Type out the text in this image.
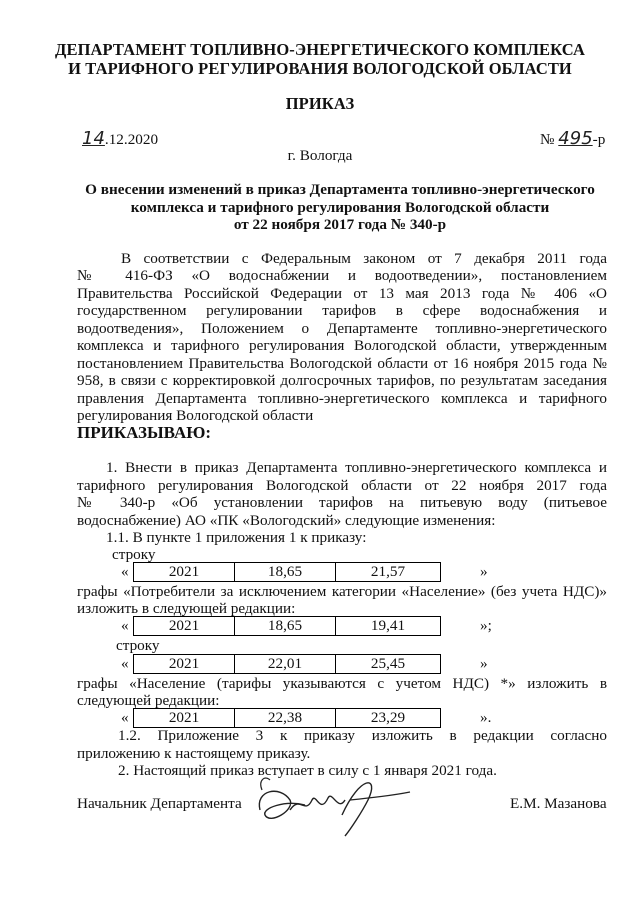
ДЕПАРТАМЕНТ ТОПЛИВНО-ЭНЕРГЕТИЧЕСКОГО КОМПЛЕКСА
И ТАРИФНОГО РЕГУЛИРОВАНИЯ ВОЛОГОДСКОЙ ОБЛАСТИ
ПРИКАЗ
14.12.2020	№ 495-р
г. Вологда
О внесении изменений в приказ Департамента топливно-энергетического
комплекса и тарифного регулирования Вологодской области
от 22 ноября 2017 года № 340-р
В соответствии с Федеральным законом от 7 декабря 2011 года
№ 416-ФЗ «О водоснабжении и водоотведении», постановлением
Правительства Российской Федерации от 13 мая 2013 года № 406 «О
государственном регулировании тарифов в сфере водоснабжения и
водоотведения», Положением о Департаменте топливно-энергетического
комплекса и тарифного регулирования Вологодской области, утвержденным
постановлением Правительства Вологодской области от 16 ноября 2015 года №
958, в связи с корректировкой долгосрочных тарифов, по результатам заседания
правления Департамента топливно-энергетического комплекса и тарифного
регулирования Вологодской области
ПРИКАЗЫВАЮ:
1. Внести в приказ Департамента топливно-энергетического комплекса и
тарифного регулирования Вологодской области от 22 ноября 2017 года
№ 340-р «Об установлении тарифов на питьевую воду (питьевое
водоснабжение) АО «ПК «Вологодский» следующие изменения:
1.1. В пункте 1 приложения 1 к приказу:
строку
«	2021	18,65	21,57	»
графы «Потребители за исключением категории «Население» (без учета НДС)»
изложить в следующей редакции:
«	2021	18,65	19,41	»;
строку
«	2021	22,01	25,45	»
графы «Население (тарифы указываются с учетом НДС) *» изложить в
следующей редакции:
«	2021	22,38	23,29	».
1.2. Приложение 3 к приказу изложить в редакции согласно
приложению к настоящему приказу.
2. Настоящий приказ вступает в силу с 1 января 2021 года.
Начальник Департамента	Е.М. Мазанова
